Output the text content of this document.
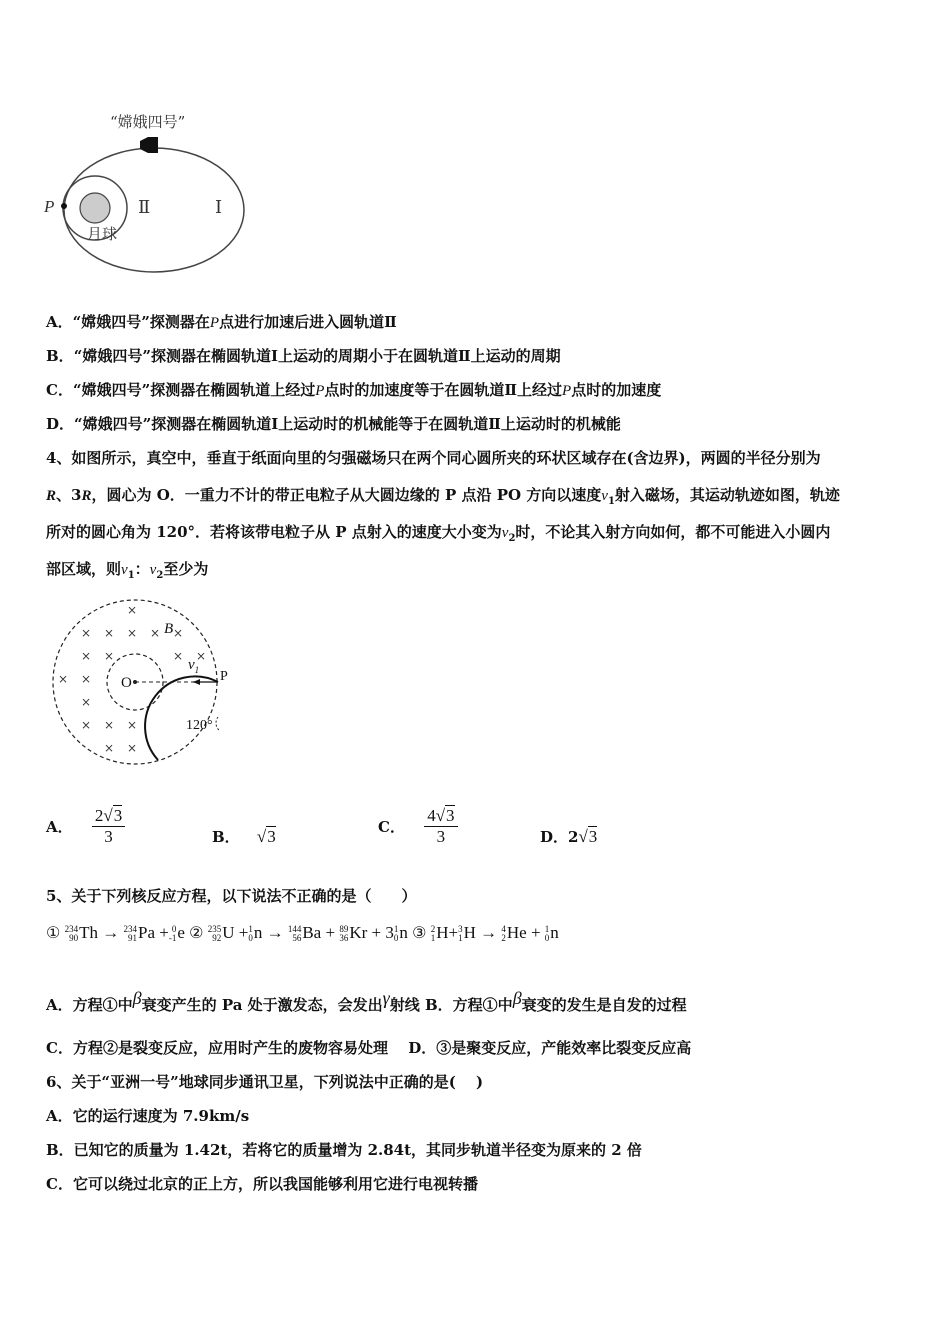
“嫦娥四号”
P	Ⅱ	Ⅰ
月球
A．“嫦娥四号”探测器在P点进行加速后进入圆轨道Ⅱ
B．“嫦娥四号”探测器在椭圆轨道Ⅰ上运动的周期小于在圆轨道Ⅱ上运动的周期
C．“嫦娥四号”探测器在椭圆轨道上经过P点时的加速度等于在圆轨道Ⅱ上经过P点时的加速度
D．“嫦娥四号”探测器在椭圆轨道Ⅰ上运动时的机械能等于在圆轨道Ⅱ上运动时的机械能
4、如图所示，真空中，垂直于纸面向里的匀强磁场只在两个同心圆所夹的环状区域存在(含边界)，两圆的半径分别为
R、3R，圆心为 O．一重力不计的带正电粒子从大圆边缘的 P 点沿 PO 方向以速度$v_1$射入磁场，其运动轨迹如图，轨迹
所对的圆心角为 120°．若将该带电粒子从 P 点射入的速度大小变为$v_2$时，不论其入射方向如何，都不可能进入小圆内
部区域，则$v_1$：$v_2$至少为
×
× × × × ×
× ×	× ×
× ×
×
× × ×
× ×
B
$v_1$
O	P
120°
A． $\frac{2√3}{3}$	B． √3	C． $\frac{4√3}{3}$	D．2√3
5、关于下列核反应方程，以下说法不正确的是（　　）
① 234
90Th → 234
91Pa + 0
-1e ② 235
92U +1
0n → 144
56Ba + 89
36Kr + 31
0n ③ 2
1H+3
1H → 4
2He + 1
0n
A．方程①中$^\beta$衰变产生的 Pa 处于激发态，会发出$^\gamma$射线 B．方程①中$^\beta$衰变的发生是自发的过程
C．方程②是裂变反应，应用时产生的废物容易处理　 D．③是聚变反应，产能效率比裂变反应高
6、关于“亚洲一号”地球同步通讯卫星，下列说法中正确的是(　 )
A．它的运行速度为 7.9km/s
B．已知它的质量为 1.42t，若将它的质量增为 2.84t，其同步轨道半径变为原来的 2 倍
C．它可以绕过北京的正上方，所以我国能够利用它进行电视转播
